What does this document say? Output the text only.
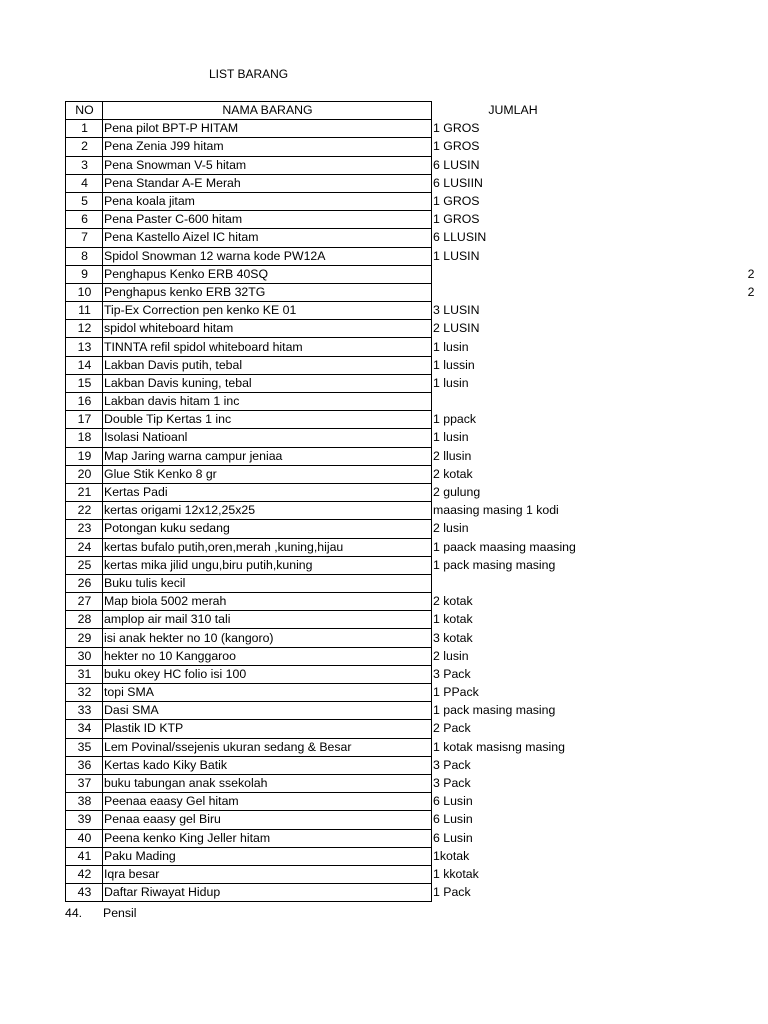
LIST BARANG
NO	NAMA BARANG	JUMLAH	
1	Pena pilot BPT-P HITAM	1 GROS	
2	Pena Zenia J99 hitam	1 GROS	
3	Pena Snowman V-5 hitam	6 LUSIN	
4	Pena Standar A-E Merah	6 LUSIIN	
5	Pena koala jitam	1 GROS	
6	Pena Paster C-600 hitam	1 GROS	
7	Pena Kastello Aizel IC hitam	6 LLUSIN	
8	Spidol Snowman 12 warna kode PW12A	1 LUSIN	
9	Penghapus Kenko ERB 40SQ		2
10	Penghapus kenko ERB 32TG		2
11	Tip-Ex Correction pen kenko KE 01	3 LUSIN	
12	spidol whiteboard hitam	2 LUSIN	
13	TINNTA refil spidol whiteboard hitam	1 lusin	
14	Lakban Davis putih, tebal	1 lussin	
15	Lakban Davis kuning, tebal	1 lusin	
16	Lakban davis hitam 1 inc		
17	Double Tip Kertas 1 inc	1 ppack	
18	Isolasi Natioanl	1 lusin	
19	Map Jaring warna campur jeniaa	2 llusin	
20	Glue Stik Kenko 8 gr	2 kotak	
21	Kertas Padi	2 gulung	
22	kertas origami 12x12,25x25	maasing masing 1 kodi	
23	Potongan kuku sedang	2 lusin	
24	kertas bufalo putih,oren,merah ,kuning,hijau	1 paack maasing maasing	
25	kertas mika jilid ungu,biru putih,kuning	1 pack masing masing	
26	Buku tulis kecil		
27	Map biola 5002 merah	2 kotak	
28	amplop air mail 310 tali	1 kotak	
29	isi anak hekter no 10 (kangoro)	3 kotak	
30	hekter no 10 Kanggaroo	2 lusin	
31	buku okey HC folio isi 100	3 Pack	
32	topi SMA	1 PPack	
33	Dasi SMA	1 pack masing masing	
34	Plastik ID KTP	2 Pack	
35	Lem Povinal/ssejenis ukuran sedang & Besar	1 kotak masisng masing	
36	Kertas kado Kiky Batik	3 Pack	
37	buku tabungan anak ssekolah	3 Pack	
38	Peenaa eaasy Gel hitam	6 Lusin	
39	Penaa eaasy gel Biru	6 Lusin	
40	Peena kenko King Jeller hitam	6 Lusin	
41	Paku Mading	1kotak	
42	Iqra besar	1 kkotak	
43	Daftar Riwayat Hidup	1 Pack	
44. Pensil
